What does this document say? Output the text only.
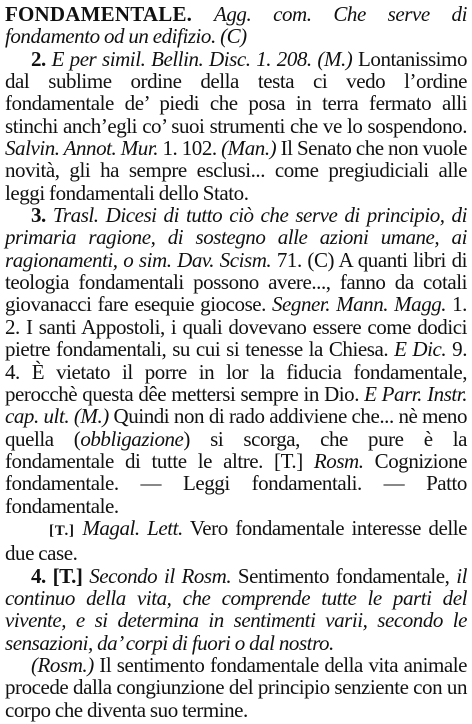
FONDAMENTALE. Agg. com. Che serve di fondamento od un edifizio. (C)

2. E per simil. Bellin. Disc. 1. 208. (M.) Lontanissimo dal sublime ordine della testa ci vedo l’ordine fondamentale de’ piedi che posa in terra fermato alli stinchi anch’egli co’ suoi strumenti che ve lo sospendono. Salvin. Annot. Mur. 1. 102. (Man.) Il Senato che non vuole novità, gli ha sempre esclusi... come pregiudiciali alle leggi fondamentali dello Stato.

3. Trasl. Dicesi di tutto ciò che serve di principio, di primaria ragione, di sostegno alle azioni umane, ai ragionamenti, o sim. Dav. Scism. 71. (C) A quanti libri di teologia fondamentali possono avere..., fanno da cotali giovanacci fare esequie giocose. Segner. Mann. Magg. 1. 2. I santi Appostoli, i quali dovevano essere come dodici pietre fondamentali, su cui si tenesse la Chiesa. E Dic. 9. 4. È vietato il porre in lor la fiducia fondamentale, perocchè questa dêe mettersi sempre in Dio. E Parr. Instr. cap. ult. (M.) Quindi non di rado addiviene che... nè meno quella (obbligazione) si scorga, che pure è la fondamentale di tutte le altre. [T.] Rosm. Cognizione fondamentale. — Leggi fondamentali. — Patto fondamentale.

[T.] Magal. Lett. Vero fondamentale interesse delle due case.

4. [T.] Secondo il Rosm. Sentimento fondamentale, il continuo della vita, che comprende tutte le parti del vivente, e si determina in sentimenti varii, secondo le sensazioni, da’ corpi di fuori o dal nostro.

(Rosm.) Il sentimento fondamentale della vita animale procede dalla congiunzione del principio senziente con un corpo che diventa suo termine.
